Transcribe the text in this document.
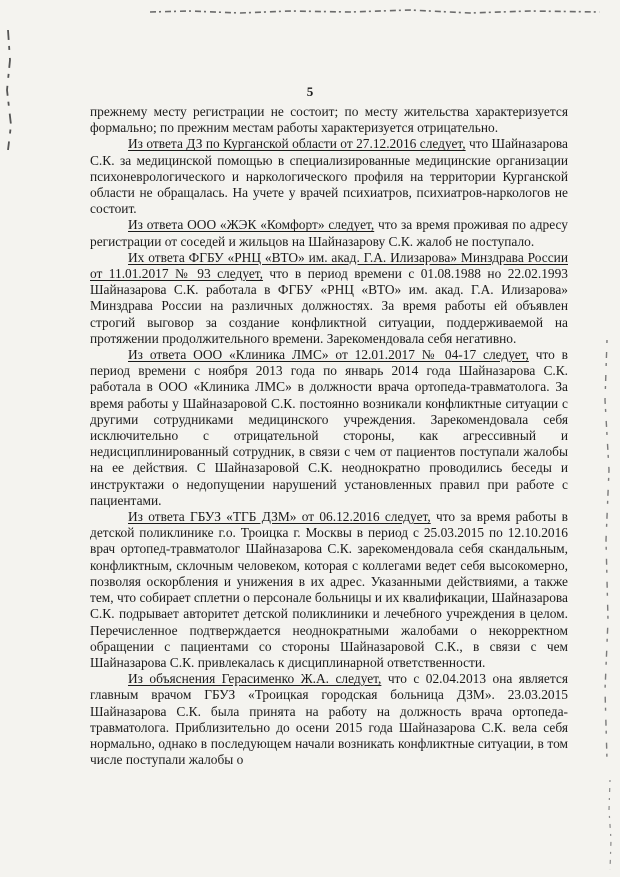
5

прежнему месту регистрации не состоит; по месту жительства характеризуется формально; по прежним местам работы характеризуется отрицательно.

Из ответа ДЗ по Курганской области от 27.12.2016 следует, что Шайназарова С.К. за медицинской помощью в специализированные медицинские организации психоневрологического и наркологического профиля на территории Курганской области не обращалась. На учете у врачей психиатров, психиатров-наркологов не состоит.

Из ответа ООО «ЖЭК «Комфорт» следует, что за время проживая по адресу регистрации от соседей и жильцов на Шайназарову С.К. жалоб не поступало.

Их ответа ФГБУ «РНЦ «ВТО» им. акад. Г.А. Илизарова» Минздрава России от 11.01.2017 № 93 следует, что в период времени с 01.08.1988 но 22.02.1993 Шайназарова С.К. работала в ФГБУ «РНЦ «ВТО» им. акад. Г.А. Илизарова» Минздрава России на различных должностях. За время работы ей объявлен строгий выговор за создание конфликтной ситуации, поддерживаемой на протяжении продолжительного времени. Зарекомендовала себя негативно.

Из ответа ООО «Клиника ЛМС» от 12.01.2017 № 04-17 следует, что в период времени с ноября 2013 года по январь 2014 года Шайназарова С.К. работала в ООО «Клиника ЛМС» в должности врача ортопеда-травматолога. За время работы у Шайназаровой С.К. постоянно возникали конфликтные ситуации с другими сотрудниками медицинского учреждения. Зарекомендовала себя исключительно с отрицательной стороны, как агрессивный и недисциплинированный сотрудник, в связи с чем от пациентов поступали жалобы на ее действия. С Шайназаровой С.К. неоднократно проводились беседы и инструктажи о недопущении нарушений установленных правил при работе с пациентами.

Из ответа ГБУЗ «ТГБ ДЗМ» от 06.12.2016 следует, что за время работы в детской поликлинике г.о. Троицка г. Москвы в период с 25.03.2015 по 12.10.2016 врач ортопед-травматолог Шайназарова С.К. зарекомендовала себя скандальным, конфликтным, склочным человеком, которая с коллегами ведет себя высокомерно, позволяя оскорбления и унижения в их адрес. Указанными действиями, а также тем, что собирает сплетни о персонале больницы и их квалификации, Шайназарова С.К. подрывает авторитет детской поликлиники и лечебного учреждения в целом. Перечисленное подтверждается неоднократными жалобами о некорректном обращении с пациентами со стороны Шайназаровой С.К., в связи с чем Шайназарова С.К. привлекалась к дисциплинарной ответственности.

Из объяснения Герасименко Ж.А. следует, что с 02.04.2013 она является главным врачом ГБУЗ «Троицкая городская больница ДЗМ». 23.03.2015 Шайназарова С.К. была принята на работу на должность врача ортопеда-травматолога. Приблизительно до осени 2015 года Шайназарова С.К. вела себя нормально, однако в последующем начали возникать конфликтные ситуации, в том числе поступали жалобы о
